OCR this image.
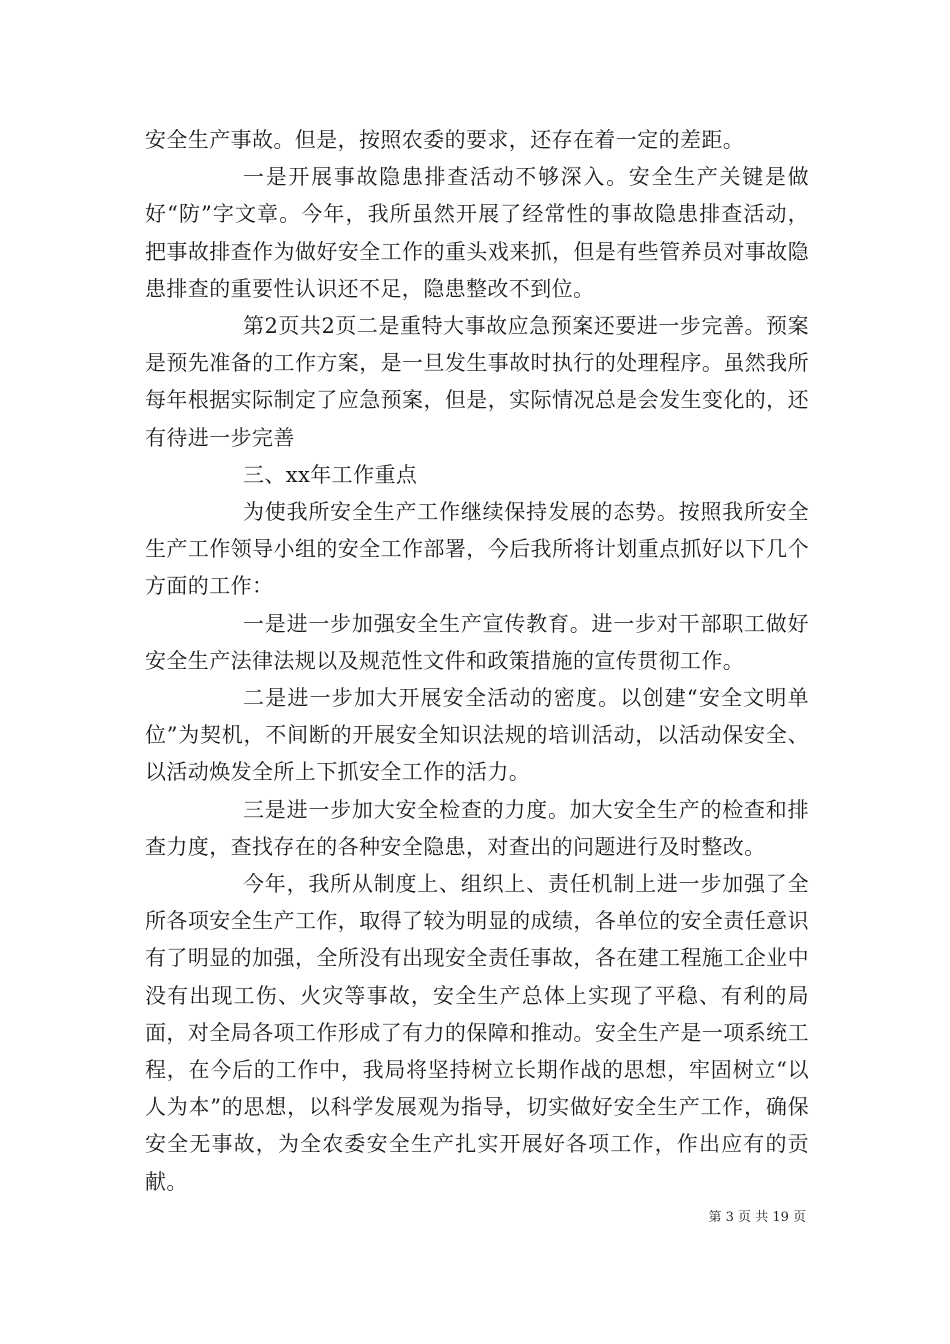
安全生产事故。但是，按照农委的要求，还存在着一定的差距。

一是开展事故隐患排查活动不够深入。安全生产关键是做好“防”字文章。今年，我所虽然开展了经常性的事故隐患排查活动，把事故排查作为做好安全工作的重头戏来抓，但是有些管养员对事故隐患排查的重要性认识还不足，隐患整改不到位。

第2页共2页二是重特大事故应急预案还要进一步完善。预案是预先准备的工作方案，是一旦发生事故时执行的处理程序。虽然我所每年根据实际制定了应急预案，但是，实际情况总是会发生变化的，还有待进一步完善

三、xx年工作重点

为使我所安全生产工作继续保持发展的态势。按照我所安全生产工作领导小组的安全工作部署，今后我所将计划重点抓好以下几个方面的工作：

一是进一步加强安全生产宣传教育。进一步对干部职工做好安全生产法律法规以及规范性文件和政策措施的宣传贯彻工作。

二是进一步加大开展安全活动的密度。以创建“安全文明单位”为契机，不间断的开展安全知识法规的培训活动，以活动保安全、以活动焕发全所上下抓安全工作的活力。

三是进一步加大安全检查的力度。加大安全生产的检查和排查力度，查找存在的各种安全隐患，对查出的问题进行及时整改。

今年，我所从制度上、组织上、责任机制上进一步加强了全所各项安全生产工作，取得了较为明显的成绩，各单位的安全责任意识有了明显的加强，全所没有出现安全责任事故，各在建工程施工企业中没有出现工伤、火灾等事故，安全生产总体上实现了平稳、有利的局面，对全局各项工作形成了有力的保障和推动。安全生产是一项系统工程，在今后的工作中，我局将坚持树立长期作战的思想，牢固树立“以人为本”的思想，以科学发展观为指导，切实做好安全生产工作，确保安全无事故，为全农委安全生产扎实开展好各项工作，作出应有的贡献。

第 3 页 共 19 页
